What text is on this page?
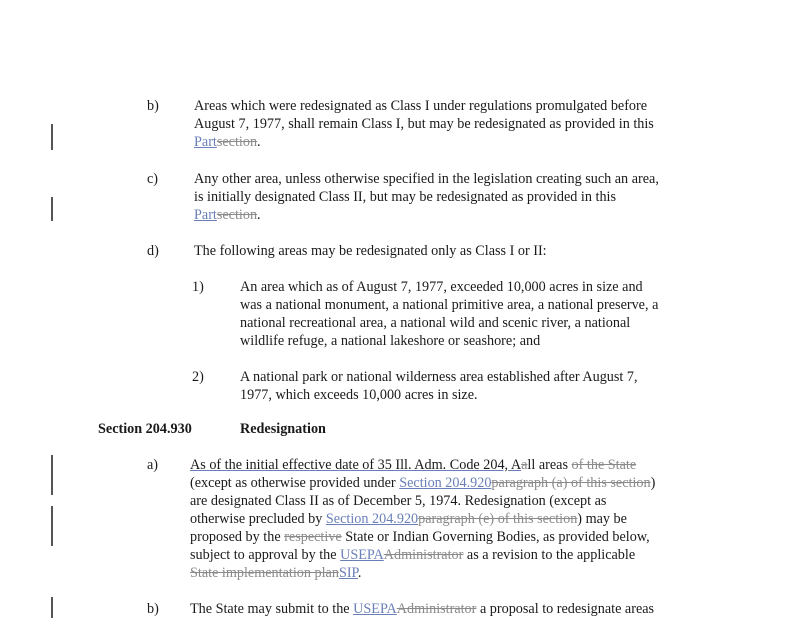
b) Areas which were redesignated as Class I under regulations promulgated before
August 7, 1977, shall remain Class I, but may be redesignated as provided in this
Partsection.
c)	Any other area, unless otherwise specified in the legislation creating such an area,
is initially designated Class II, but may be redesignated as provided in this
Partsection.
d) The following areas may be redesignated only as Class I or II:
1)	An area which as of August 7, 1977, exceeded 10,000 acres in size and
was a national monument, a national primitive area, a national preserve, a
national recreational area, a national wild and scenic river, a national
wildlife refuge, a national lakeshore or seashore; and
2)	A national park or national wilderness area established after August 7,
1977, which exceeds 10,000 acres in size.
Section 204.930	Redesignation
a) As of the initial effective date of 35 Ill. Adm. Code 204, Aall areas of the State
(except as otherwise provided under Section 204.920paragraph (a) of this section)
are designated Class II as of December 5, 1974. Redesignation (except as
otherwise precluded by Section 204.920paragraph (e) of this section) may be
proposed by the respective State or Indian Governing Bodies, as provided below,
subject to approval by the USEPAAdministrator as a revision to the applicable
State implementation planSIP.
b) The State may submit to the USEPAAdministrator a proposal to redesignate areas
